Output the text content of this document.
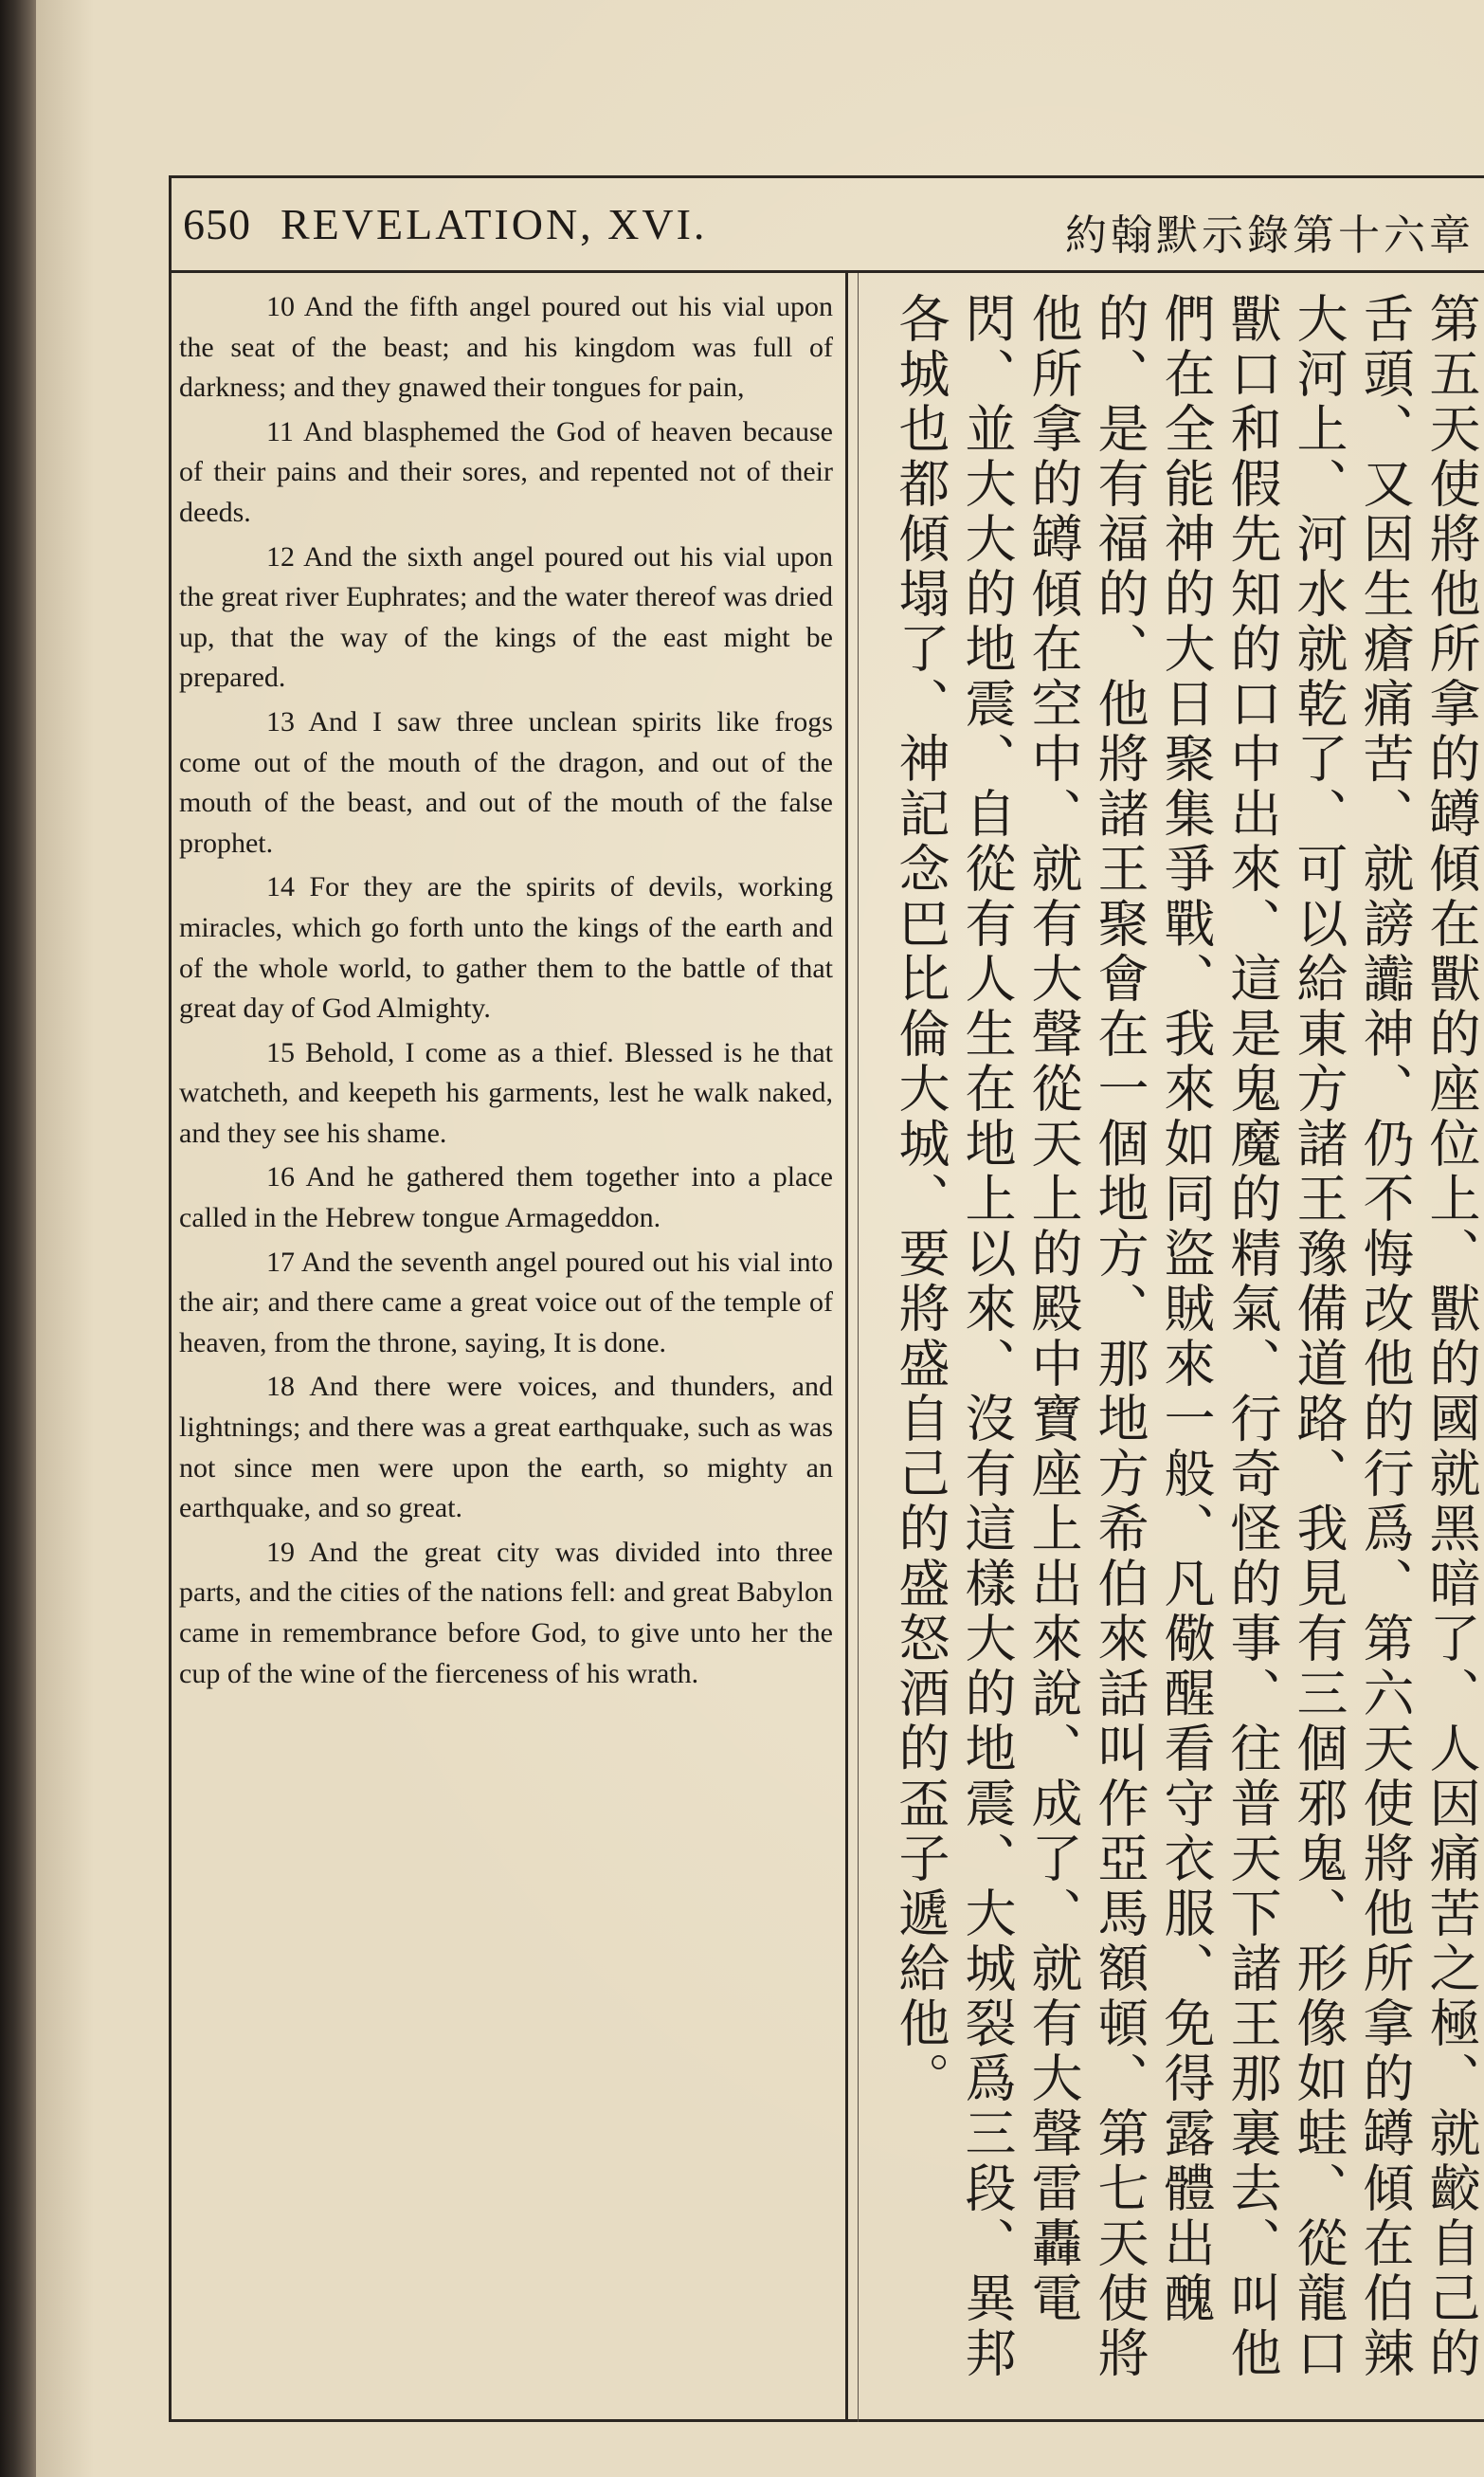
650 REVELATION, XVI.	約翰默示錄第十六章

10 And the fifth angel poured out his vial upon the seat of the beast; and his kingdom was full of darkness; and they gnawed their tongues for pain,

11 And blasphemed the God of heaven because of their pains and their sores, and repented not of their deeds.

12 And the sixth angel poured out his vial upon the great river Euphrates; and the water thereof was dried up, that the way of the kings of the east might be prepared.

13 And I saw three unclean spirits like frogs come out of the mouth of the dragon, and out of the mouth of the beast, and out of the mouth of the false prophet.

14 For they are the spirits of devils, working miracles, which go forth unto the kings of the earth and of the whole world, to gather them to the battle of that great day of God Almighty.

15 Behold, I come as a thief. Blessed is he that watcheth, and keepeth his garments, lest he walk naked, and they see his shame.

16 And he gathered them together into a place called in the Hebrew tongue Armageddon.

17 And the seventh angel poured out his vial into the air; and there came a great voice out of the temple of heaven, from the throne, saying, It is done.

18 And there were voices, and thunders, and lightnings; and there was a great earthquake, such as was not since men were upon the earth, so mighty an earthquake, and so great.

19 And the great city was divided into three parts, and the cities of the nations fell: and great Babylon came in remembrance before God, to give unto her the cup of the wine of the fierceness of his wrath.	第五天使將他所拿的罇傾在獸的座位上、獸的國就黑暗了、人因痛苦之極、就齩自己的舌頭、又因生瘡痛苦、就謗讟神、仍不悔改他的行爲、第六天使將他所拿的罇傾在伯辣大河上、河水就乾了、可以給東方諸王豫備道路、我見有三個邪鬼、形像如蛙、從龍口獸口和假先知的口中出來、這是鬼魔的精氣、行奇怪的事、往普天下諸王那裏去、叫他們在全能神的大日聚集爭戰、我來如同盜賊來一般、凡儆醒看守衣服、免得露體出醜的、是有福的、他將諸王聚會在一個地方、那地方希伯來話叫作亞馬額頓、第七天使將他所拿的罇傾在空中、就有大聲從天上的殿中寶座上出來說、成了、就有大聲雷轟電閃、並大大的地震、自從有人生在地上以來、沒有這樣大的地震、大城裂爲三段、異邦各城也都傾塌了、神記念巴比倫大城、要將盛自己的盛怒酒的盃子遞給他。
